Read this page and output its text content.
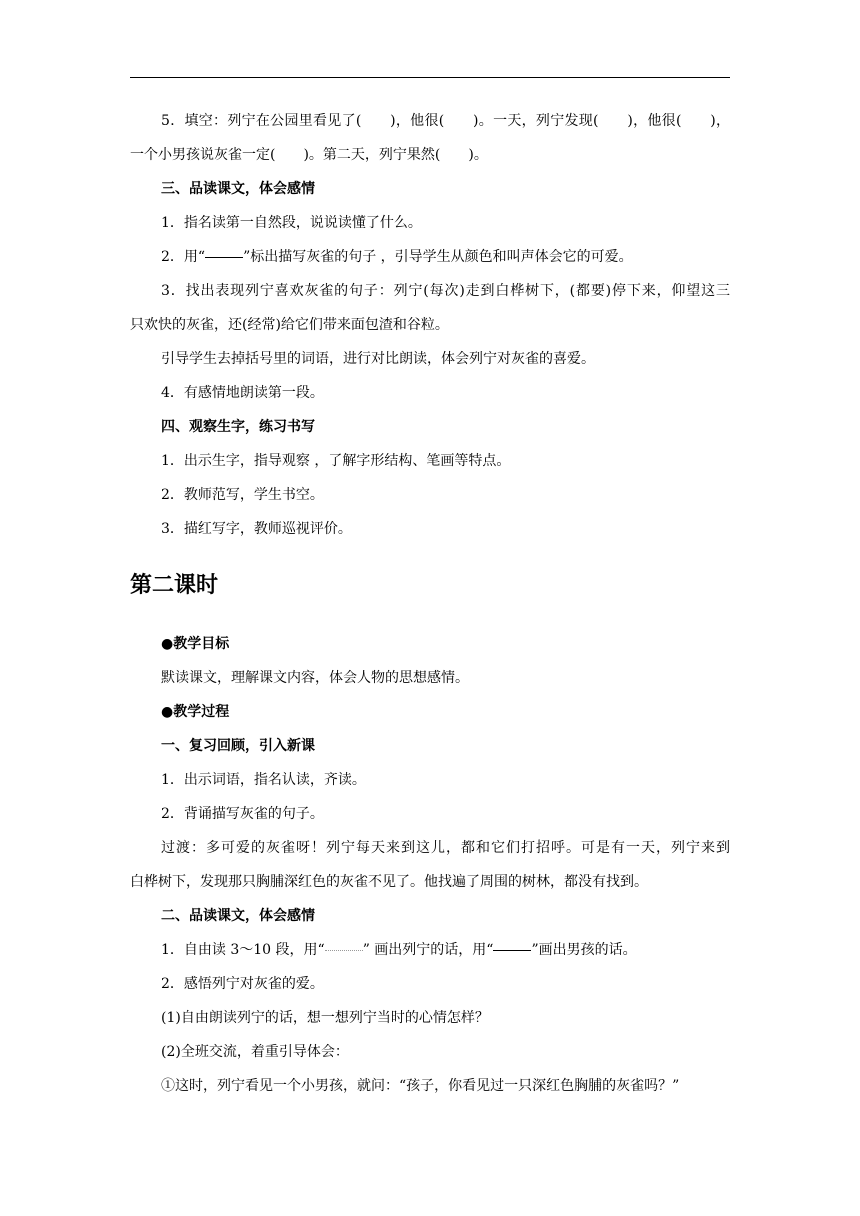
5．填空：列宁在公园里看见了(　　)，他很(　　)。一天，列宁发现(　　)，他很(　　)，
一个小男孩说灰雀一定(　　)。第二天，列宁果然(　　)。
三、品读课文，体会感情
1．指名读第一自然段，说说读懂了什么。
2．用“	”标出描写灰雀的句子 ，引导学生从颜色和叫声体会它的可爱。
3．找出表现列宁喜欢灰雀的句子：列宁(每次)走到白桦树下，(都要)停下来，仰望这三
只欢快的灰雀，还(经常)给它们带来面包渣和谷粒。
引导学生去掉括号里的词语，进行对比朗读，体会列宁对灰雀的喜爱。
4．有感情地朗读第一段。
四、观察生字，练习书写
1．出示生字，指导观察 ，了解字形结构、笔画等特点。
2．教师范写，学生书空。
3．描红写字，教师巡视评价。
第二课时
●教学目标
默读课文，理解课文内容，体会人物的思想感情。
●教学过程
一、复习回顾，引入新课
1．出示词语，指名认读，齐读。
2．背诵描写灰雀的句子。
过渡：多可爱的灰雀呀！列宁每天来到这儿，都和它们打招呼。可是有一天，列宁来到
白桦树下，发现那只胸脯深红色的灰雀不见了。他找遍了周围的树林，都没有找到。
二、品读课文，体会感情
1．自由读 3～10 段，用“	” 画出列宁的话，用“	”画出男孩的话。
2．感悟列宁对灰雀的爱。
(1)自由朗读列宁的话，想一想列宁当时的心情怎样？
(2)全班交流，着重引导体会：
①这时，列宁看见一个小男孩，就问：“孩子，你看见过一只深红色胸脯的灰雀吗？”
